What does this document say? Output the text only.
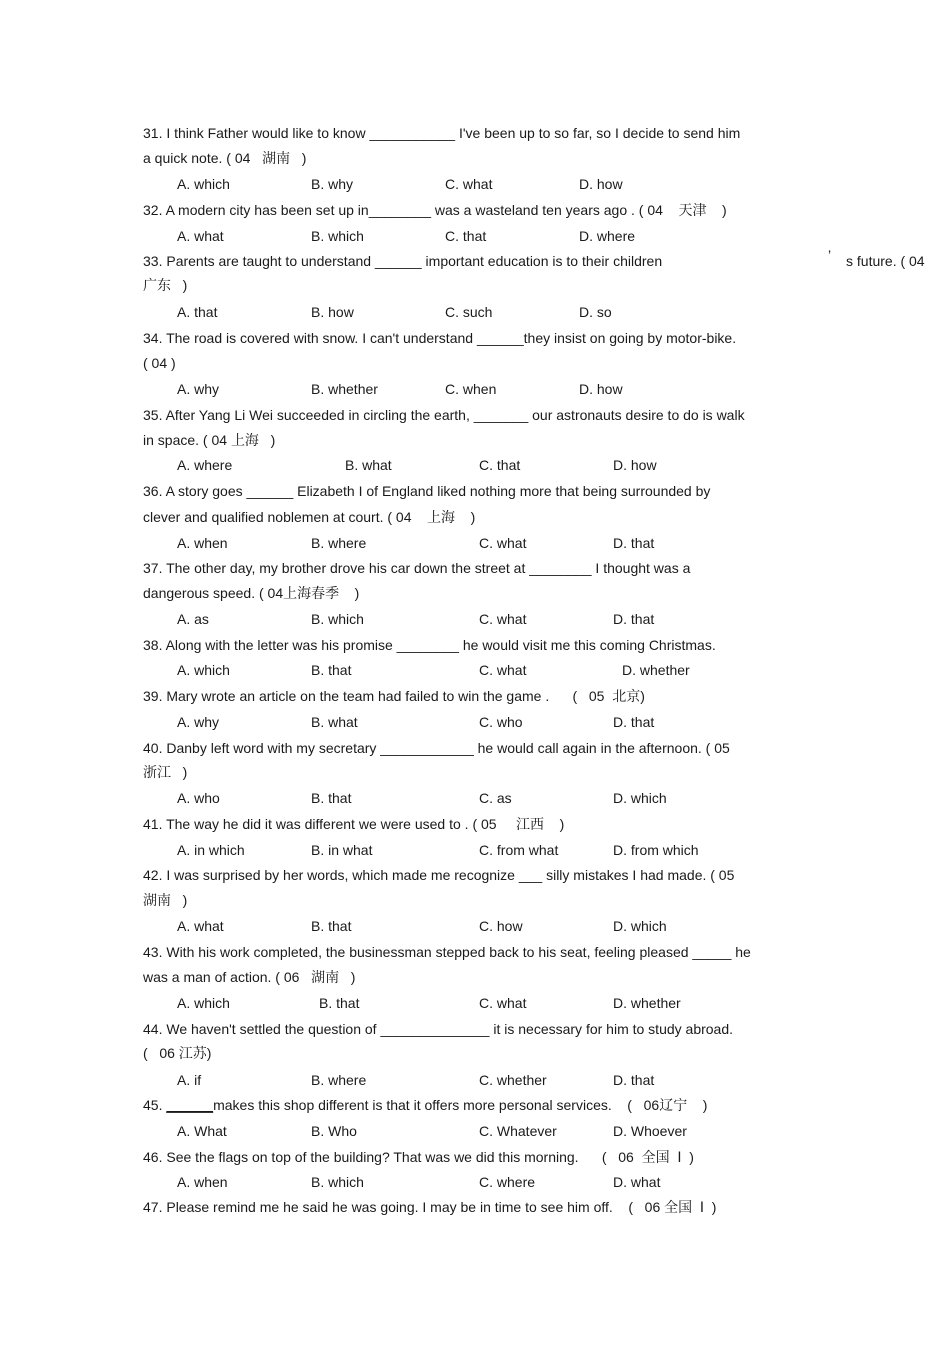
31. I think Father would like to know ___________ I've been up to so far, so I decide to send him
a quick note. ( 04   湖南   )
A. which	B. why	C. what	D. how
32. A modern city has been set up in________ was a wasteland ten years ago . ( 04    天津    )
A. what	B. which	C. that	D. where
33. Parents are taught to understand ______ important education is to their children	’ s future. ( 04
广东   )
A. that	B. how	C. such	D. so
34. The road is covered with snow. I can't understand ______they insist on going by motor-bike.
( 04 )
A. why	B. whether	C. when	D. how
35. After Yang Li Wei succeeded in circling the earth, _______ our astronauts desire to do is walk
in space. ( 04 上海   )
A. where	B. what	C. that	D. how
36. A story goes ______ Elizabeth I of England liked nothing more that being surrounded by
clever and qualified noblemen at court. ( 04    上海    )
A. when	B. where	C. what	D. that
37. The other day, my brother drove his car down the street at ________ I thought was a
dangerous speed. ( 04上海春季    )
A. as	B. which	C. what	D. that
38. Along with the letter was his promise ________ he would visit me this coming Christmas.
A. which	B. that	C. what	D. whether
39. Mary wrote an article on the team had failed to win the game .      (   05  北京)
A. why	B. what	C. who	D. that
40. Danby left word with my secretary ____________ he would call again in the afternoon. ( 05
浙江   )
A. who	B. that	C. as	D. which
41. The way he did it was different we were used to . ( 05     江西    )
A. in which	B. in what	C. from what	D. from which
42. I was surprised by her words, which made me recognize ___ silly mistakes I had made. ( 05
湖南   )
A. what	B. that	C. how	D. which
43. With his work completed, the businessman stepped back to his seat, feeling pleased _____ he
was a man of action. ( 06   湖南   )
A. which	B. that	C. what	D. whether
44. We haven't settled the question of ______________ it is necessary for him to study abroad.
(   06 江苏)
A. if	B. where	C. whether	D. that
45. ______makes this shop different is that it offers more personal services.    (   06辽宁    )
A. What	B. Who	C. Whatever	D. Whoever
46. See the flags on top of the building? That was we did this morning.      (   06  全国  Ⅰ  )
A. when	B. which	C. where	D. what
47. Please remind me he said he was going. I may be in time to see him off.    (   06 全国  Ⅰ  )
